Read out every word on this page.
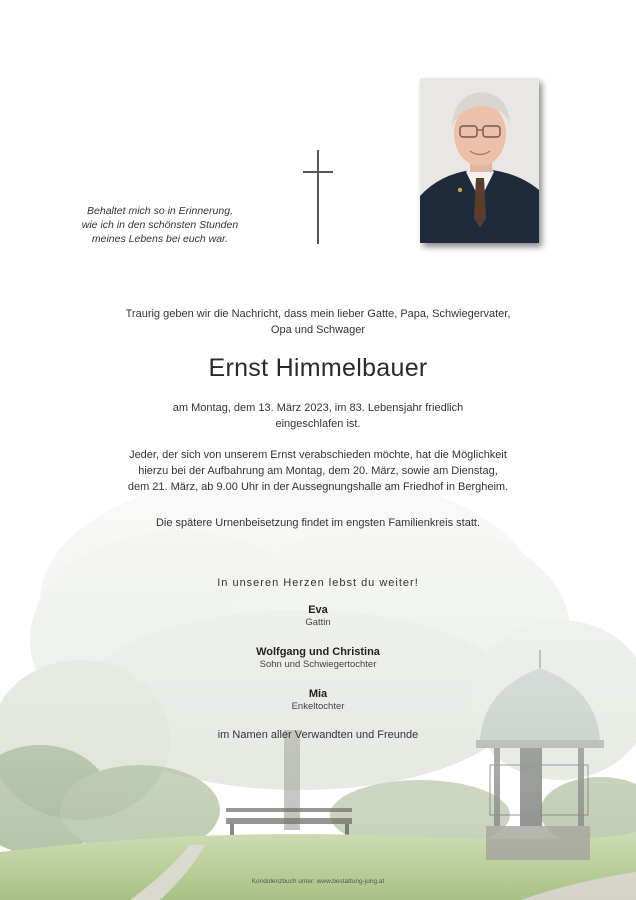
Behaltet mich so in Erinnerung,
wie ich in den schönsten Stunden
meines Lebens bei euch war.
Traurig geben wir die Nachricht, dass mein lieber Gatte, Papa, Schwiegervater,
Opa und Schwager
Ernst Himmelbauer
am Montag, dem 13. März 2023, im 83. Lebensjahr friedlich
eingeschlafen ist.
Jeder, der sich von unserem Ernst verabschieden möchte, hat die Möglichkeit
hierzu bei der Aufbahrung am Montag, dem 20. März, sowie am Dienstag,
dem 21. März, ab 9.00 Uhr in der Aussegnungshalle am Friedhof in Bergheim.
Die spätere Urnenbeisetzung findet im engsten Familienkreis statt.
In unseren Herzen lebst du weiter!
Eva
Gattin
Wolfgang und Christina
Sohn und Schwiegertochter
Mia
Enkeltochter
im Namen aller Verwandten und Freunde
Kondolenzbuch unter: www.bestattung-jung.at
